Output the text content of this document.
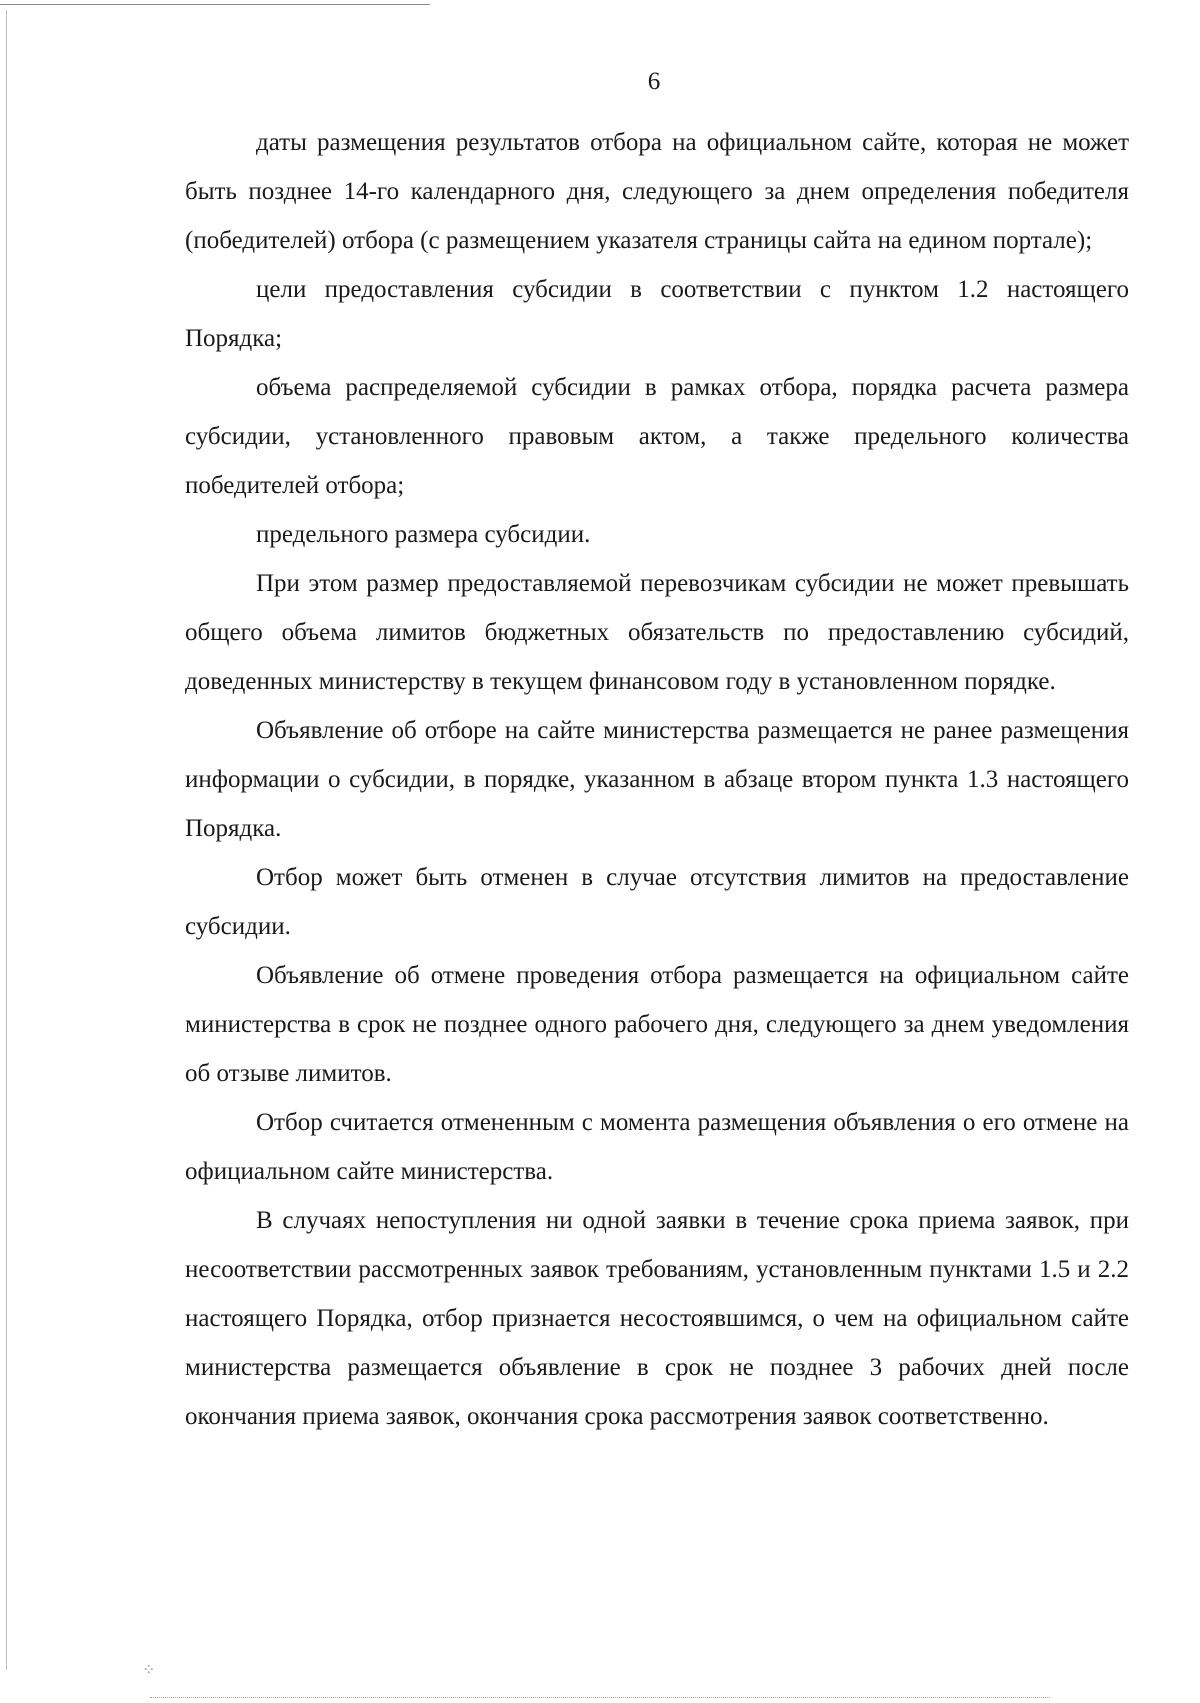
⁘
6

даты размещения результатов отбора на официальном сайте, которая не может быть позднее 14-го календарного дня, следующего за днем определения победителя (победителей) отбора (с размещением указателя страницы сайта на едином портале);

цели предоставления субсидии в соответствии с пунктом 1.2 настоящего Порядка;

объема распределяемой субсидии в рамках отбора, порядка расчета размера субсидии, установленного правовым актом, а также предельного количества победителей отбора;

предельного размера субсидии.

При этом размер предоставляемой перевозчикам субсидии не может превышать общего объема лимитов бюджетных обязательств по предоставлению субсидий, доведенных министерству в текущем финансовом году в установленном порядке.

Объявление об отборе на сайте министерства размещается не ранее размещения информации о субсидии, в порядке, указанном в абзаце втором пункта 1.3 настоящего Порядка.

Отбор может быть отменен в случае отсутствия лимитов на предоставление субсидии.

Объявление об отмене проведения отбора размещается на официальном сайте министерства в срок не позднее одного рабочего дня, следующего за днем уведомления об отзыве лимитов.

Отбор считается отмененным с момента размещения объявления о его отмене на официальном сайте министерства.

В случаях непоступления ни одной заявки в течение срока приема заявок, при несоответствии рассмотренных заявок требованиям, установленным пунктами 1.5 и 2.2 настоящего Порядка, отбор признается несостоявшимся, о чем на официальном сайте министерства размещается объявление в срок не позднее 3 рабочих дней после окончания приема заявок, окончания срока рассмотрения заявок соответственно.
